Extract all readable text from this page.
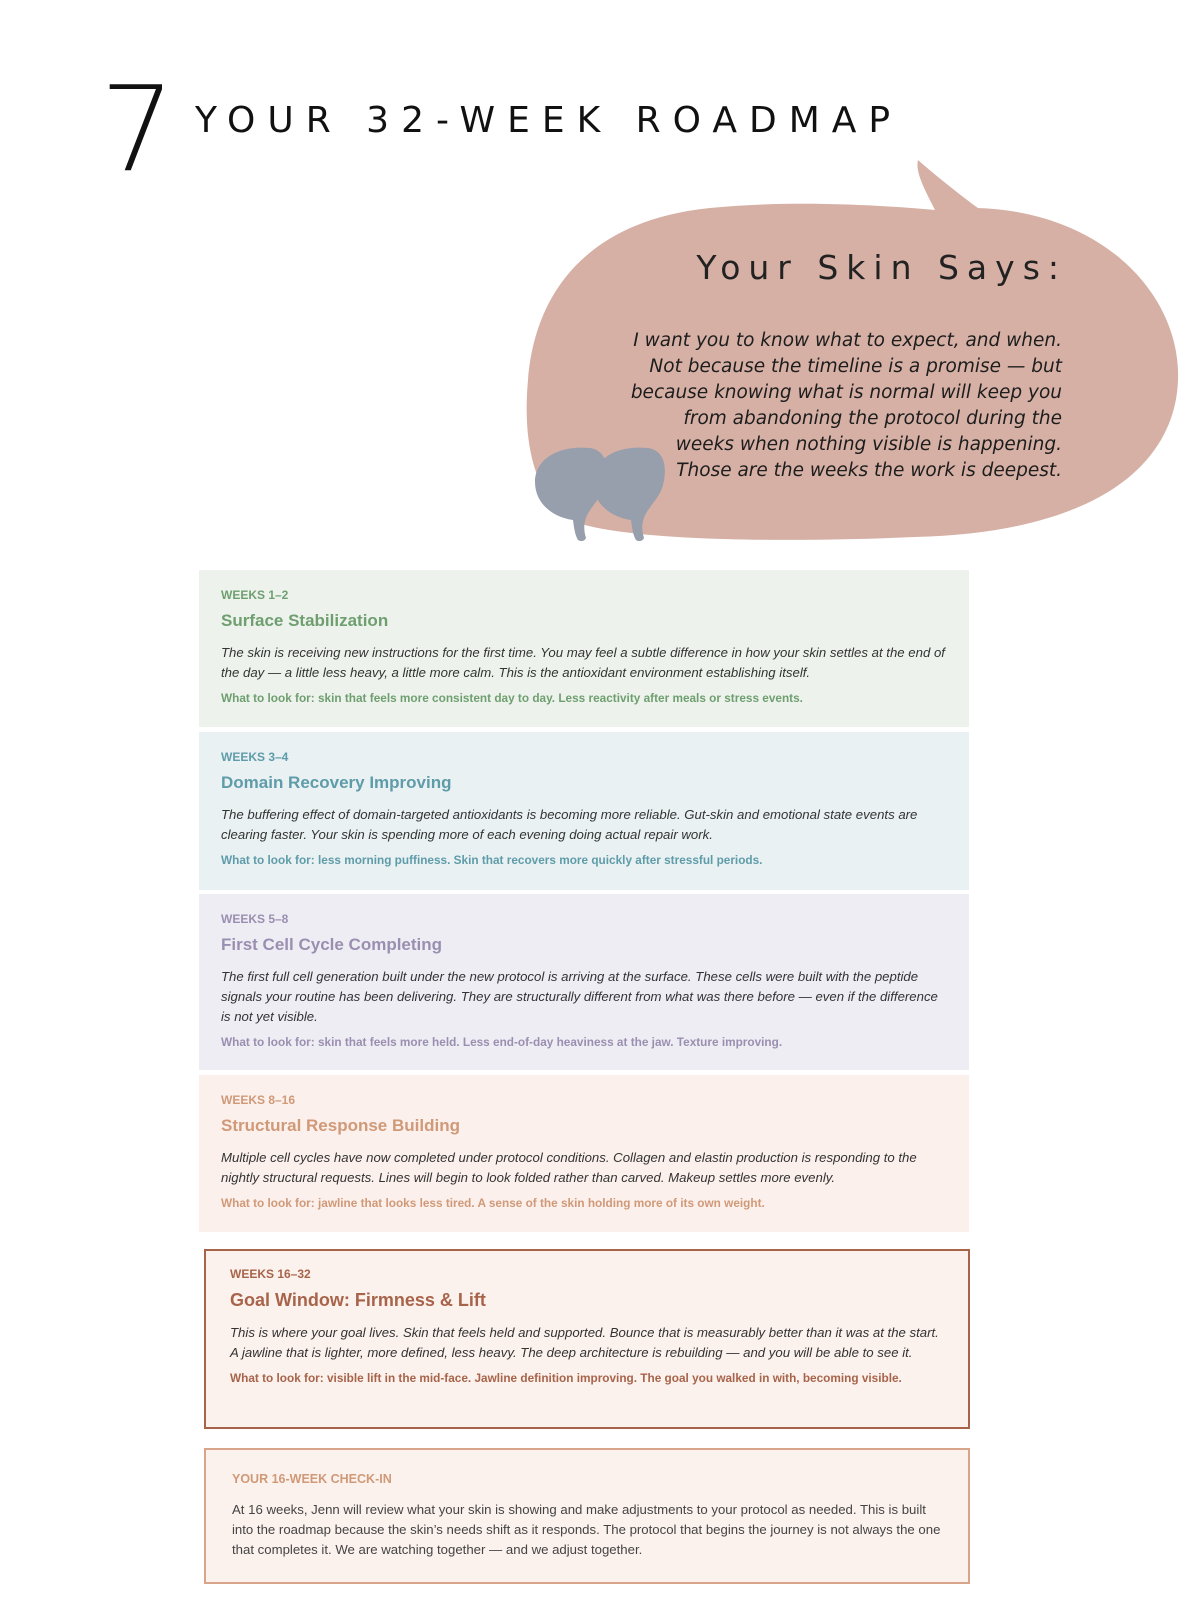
7 YOUR 32-WEEK ROADMAP
Your Skin Says:

I want you to know what to expect, and when. Not because the timeline is a promise — but because knowing what is normal will keep you from abandoning the protocol during the weeks when nothing visible is happening. Those are the weeks the work is deepest.

WEEKS 1–2

Surface Stabilization

The skin is receiving new instructions for the first time. You may feel a subtle difference in how your skin settles at the end of the day — a little less heavy, a little more calm. This is the antioxidant environment establishing itself.

What to look for: skin that feels more consistent day to day. Less reactivity after meals or stress events.

WEEKS 3–4

Domain Recovery Improving

The buffering effect of domain-targeted antioxidants is becoming more reliable. Gut-skin and emotional state events are clearing faster. Your skin is spending more of each evening doing actual repair work.

What to look for: less morning puffiness. Skin that recovers more quickly after stressful periods.

WEEKS 5–8

First Cell Cycle Completing

The first full cell generation built under the new protocol is arriving at the surface. These cells were built with the peptide signals your routine has been delivering. They are structurally different from what was there before — even if the difference is not yet visible.

What to look for: skin that feels more held. Less end-of-day heaviness at the jaw. Texture improving.

WEEKS 8–16

Structural Response Building

Multiple cell cycles have now completed under protocol conditions. Collagen and elastin production is responding to the nightly structural requests. Lines will begin to look folded rather than carved. Makeup settles more evenly.

What to look for: jawline that looks less tired. A sense of the skin holding more of its own weight.

WEEKS 16–32

Goal Window: Firmness & Lift

This is where your goal lives. Skin that feels held and supported. Bounce that is measurably better than it was at the start. A jawline that is lighter, more defined, less heavy. The deep architecture is rebuilding — and you will be able to see it.

What to look for: visible lift in the mid-face. Jawline definition improving. The goal you walked in with, becoming visible.

YOUR 16-WEEK CHECK-IN

At 16 weeks, Jenn will review what your skin is showing and make adjustments to your protocol as needed. This is built into the roadmap because the skin’s needs shift as it responds. The protocol that begins the journey is not always the one that completes it. We are watching together — and we adjust together.
